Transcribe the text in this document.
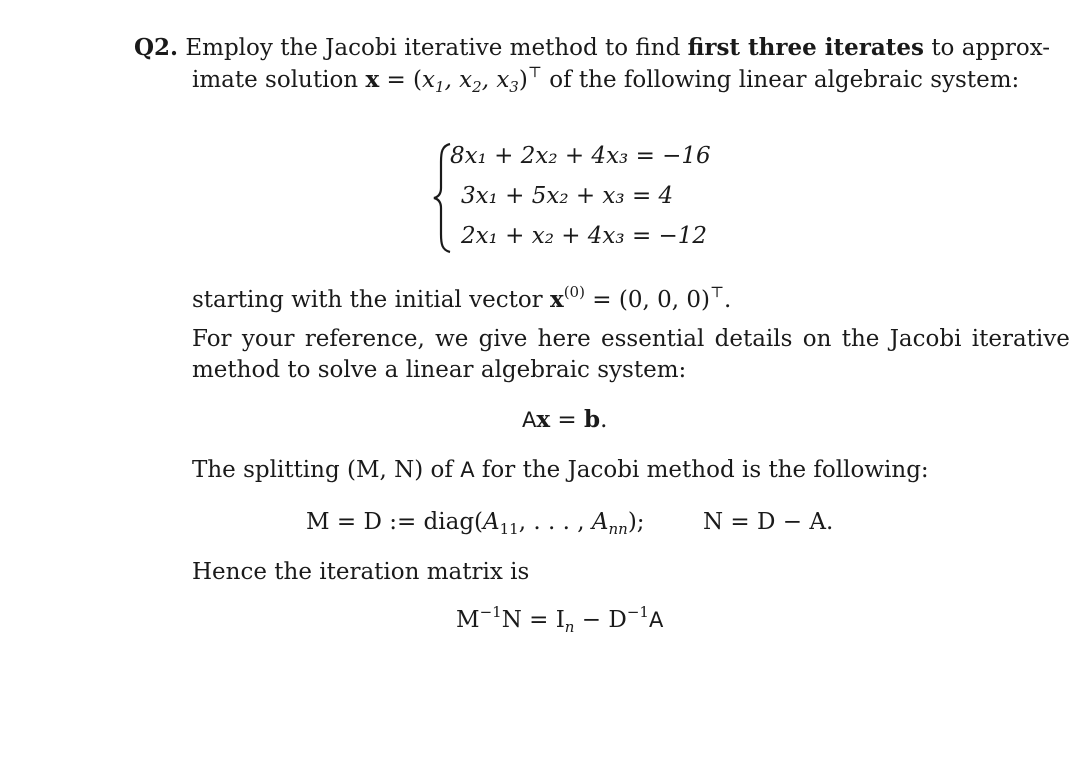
Q2. Employ the Jacobi iterative method to find first three iterates to approx-
imate solution $x = (x_1$, $x_2$, $x_3)^⊤$ of the following linear algebraic system:
8x₁ + 2x₂ + 4x₃ = −16
3x₁ + 5x₂ + x₃ = 4
2x₁ + x₂ + 4x₃ = −12
starting with the initial vector $x^{(0)} = (0$, 0, 0)⊤.
For your reference, we give here essential details on the Jacobi iterative
method to solve a linear algebraic system:
Ax = b.
The splitting (M, N) of A for the Jacobi method is the following:
M = D := $diag(A_{11}$, . . . , $A_{nn}$);	N = D − A.
Hence the iteration matrix is
$M^{-1}N = I_n - D^{-1}A$
